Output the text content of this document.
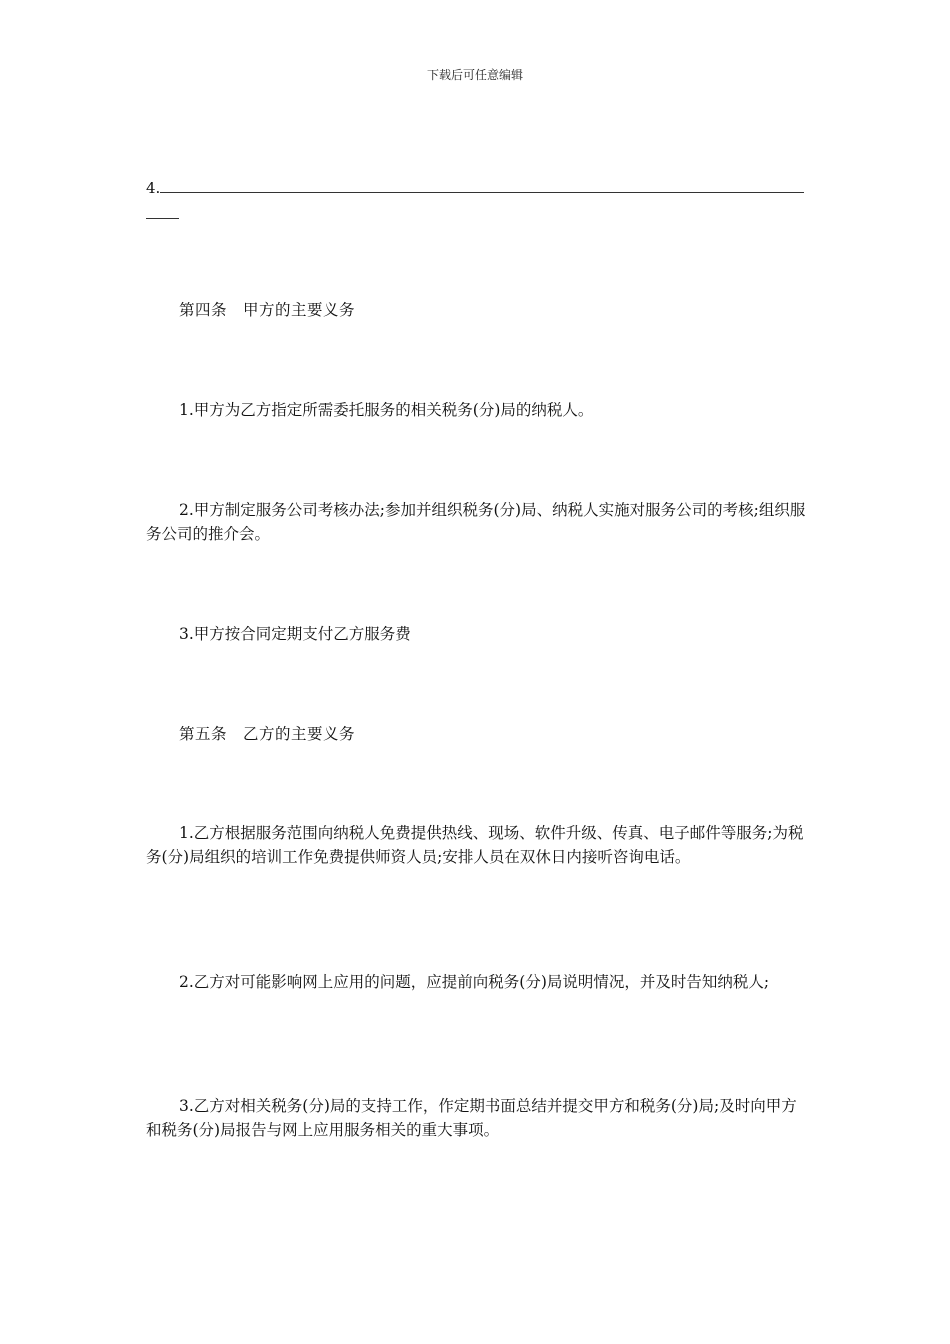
下载后可任意编辑
4.

第四条　甲方的主要义务

1.甲方为乙方指定所需委托服务的相关税务(分)局的纳税人。

2.甲方制定服务公司考核办法;参加并组织税务(分)局、纳税人实施对服务公司的考核;组织服务公司的推介会。

3.甲方按合同定期支付乙方服务费

第五条　乙方的主要义务

1.乙方根据服务范围向纳税人免费提供热线、现场、软件升级、传真、电子邮件等服务;为税务(分)局组织的培训工作免费提供师资人员;安排人员在双休日内接听咨询电话。

2.乙方对可能影响网上应用的问题，应提前向税务(分)局说明情况，并及时告知纳税人;

3.乙方对相关税务(分)局的支持工作，作定期书面总结并提交甲方和税务(分)局;及时向甲方和税务(分)局报告与网上应用服务相关的重大事项。
